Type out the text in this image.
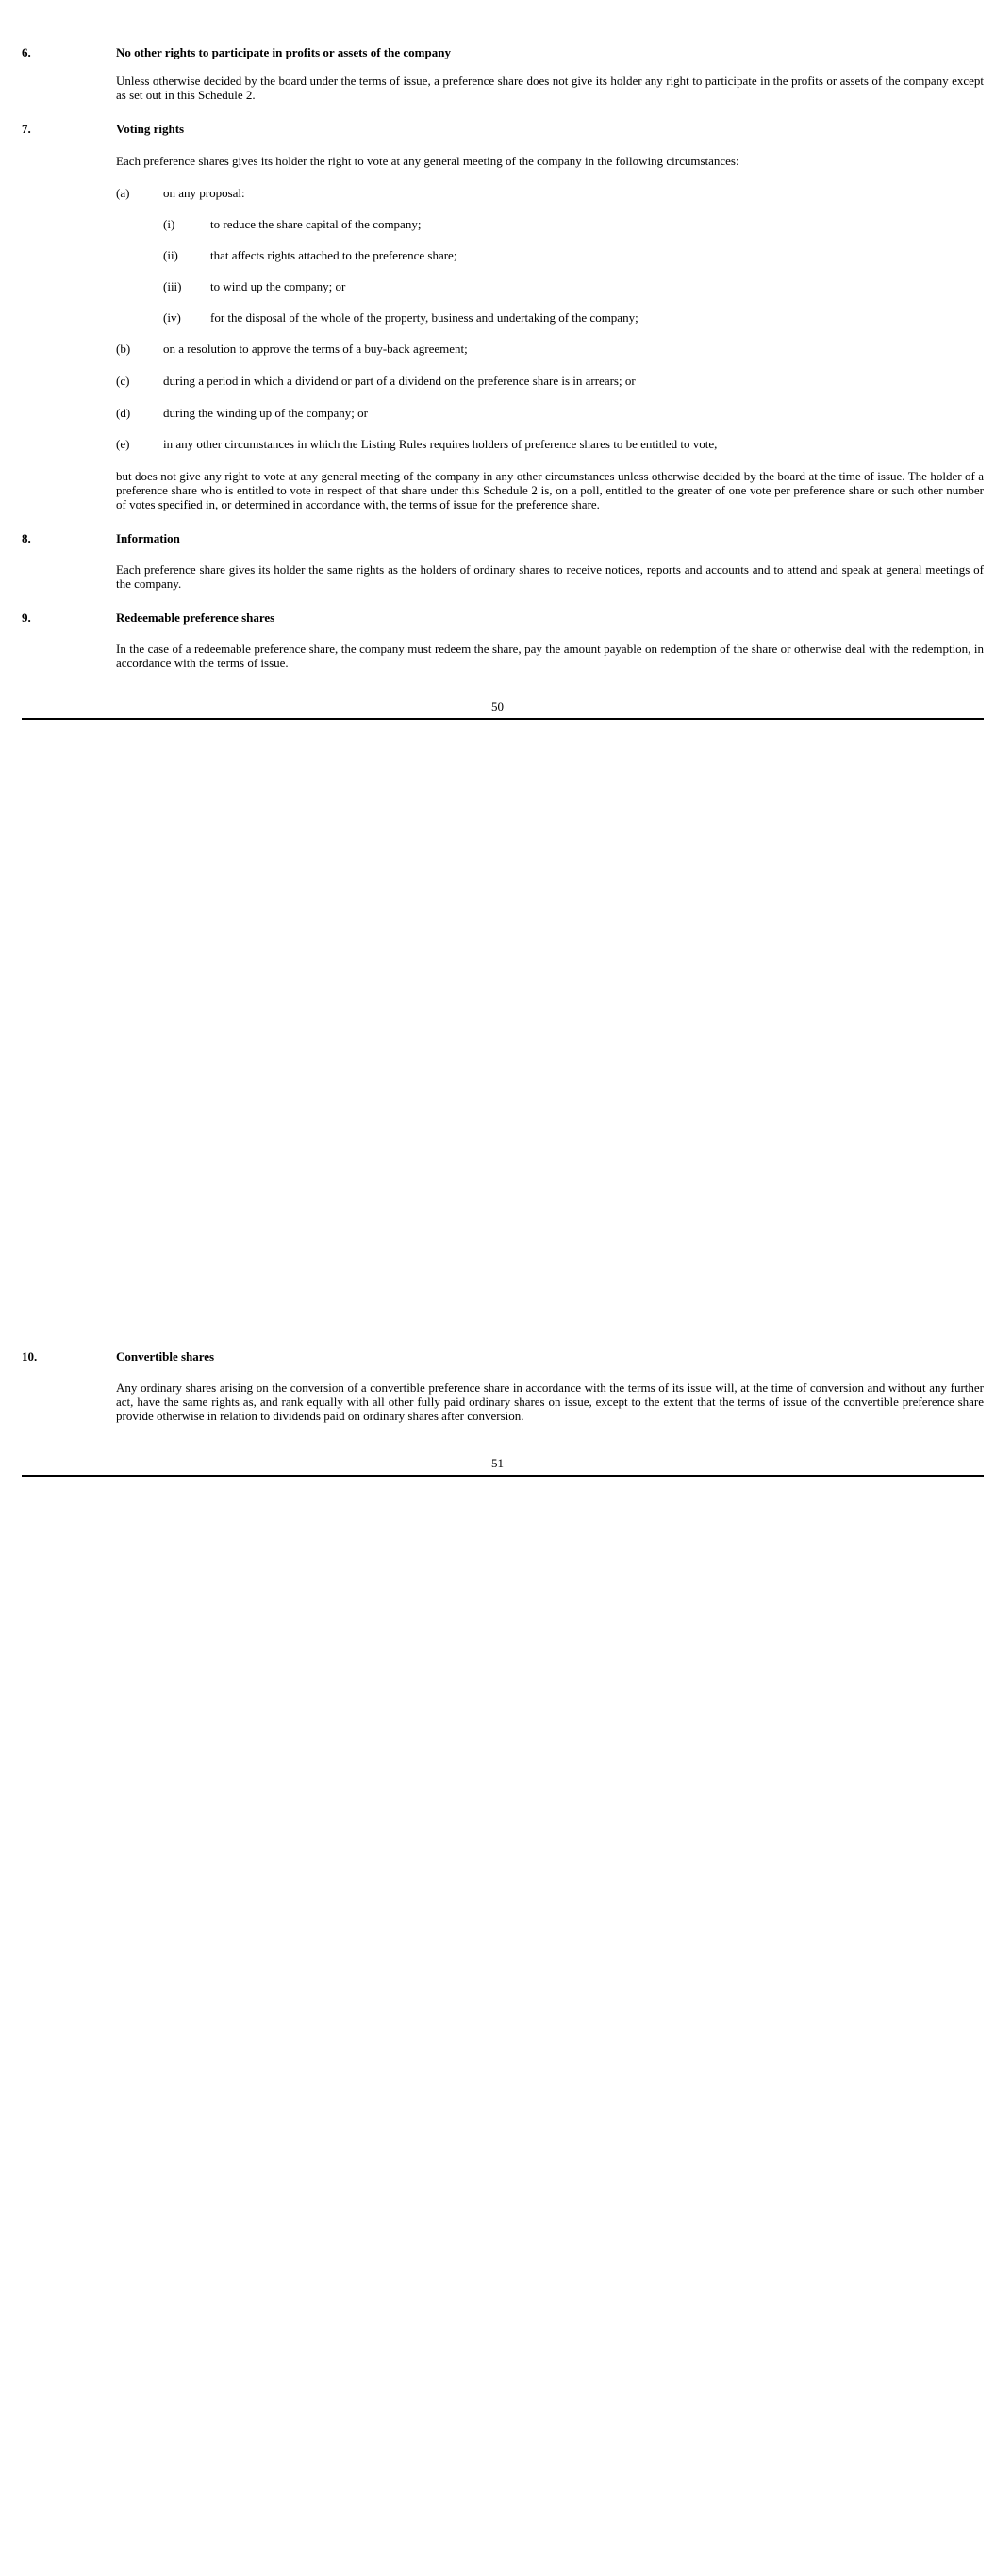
6.	No other rights to participate in profits or assets of the company
Unless otherwise decided by the board under the terms of issue, a preference share does not give its holder any right to participate in the profits or assets of the company except as set out in this Schedule 2.
7.	Voting rights
Each preference shares gives its holder the right to vote at any general meeting of the company in the following circumstances:
(a)	on any proposal:
(i)	to reduce the share capital of the company;
(ii)	that affects rights attached to the preference share;
(iii) to wind up the company; or
(iv) for the disposal of the whole of the property, business and undertaking of the company;
(b)	on a resolution to approve the terms of a buy-back agreement;
(c)	during a period in which a dividend or part of a dividend on the preference share is in arrears; or
(d)	during the winding up of the company; or
(e)	in any other circumstances in which the Listing Rules requires holders of preference shares to be entitled to vote,
but does not give any right to vote at any general meeting of the company in any other circumstances unless otherwise decided by the board at the time of issue. The holder of a preference share who is entitled to vote in respect of that share under this Schedule 2 is, on a poll, entitled to the greater of one vote per preference share or such other number of votes specified in, or determined in accordance with, the terms of issue for the preference share.
8.	Information
Each preference share gives its holder the same rights as the holders of ordinary shares to receive notices, reports and accounts and to attend and speak at general meetings of the company.
9.	Redeemable preference shares
In the case of a redeemable preference share, the company must redeem the share, pay the amount payable on redemption of the share or otherwise deal with the redemption, in accordance with the terms of issue.
50
10.	Convertible shares
Any ordinary shares arising on the conversion of a convertible preference share in accordance with the terms of its issue will, at the time of conversion and without any further act, have the same rights as, and rank equally with all other fully paid ordinary shares on issue, except to the extent that the terms of issue of the convertible preference share provide otherwise in relation to dividends paid on ordinary shares after conversion.
51
